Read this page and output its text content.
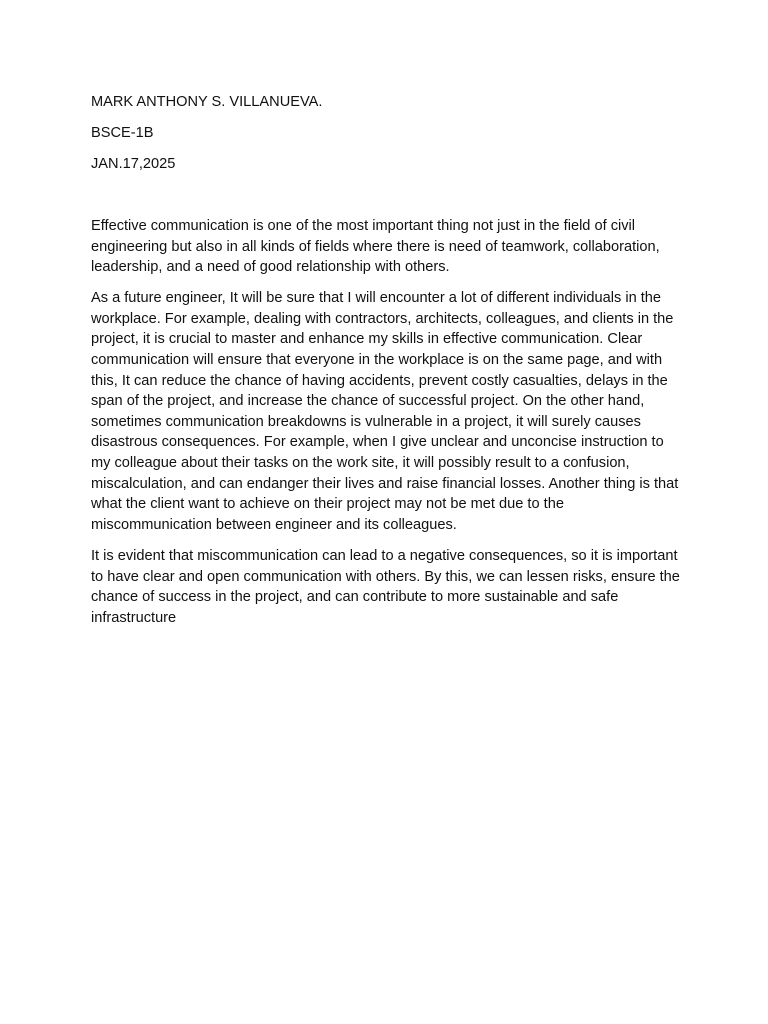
MARK ANTHONY S. VILLANUEVA.
BSCE-1B
JAN.17,2025

Effective communication is one of the most important thing not just in the field of civil engineering but also in all kinds of fields where there is need of teamwork, collaboration, leadership, and a need of good relationship with others.

As a future engineer, It will be sure that I will encounter a lot of different individuals in the workplace. For example, dealing with contractors, architects, colleagues, and clients in the project, it is crucial to master and enhance my skills in effective communication. Clear communication will ensure that everyone in the workplace is on the same page, and with this, It can reduce the chance of having accidents, prevent costly casualties, delays in the span of the project, and increase the chance of successful project. On the other hand, sometimes communication breakdowns is vulnerable in a project, it will surely causes disastrous consequences. For example, when I give unclear and unconcise instruction to my colleague about their tasks on the work site, it will possibly result to a confusion, miscalculation, and can endanger their lives and raise financial losses. Another thing is that what the client want to achieve on their project may not be met due to the miscommunication between engineer and its colleagues.

It is evident that miscommunication can lead to a negative consequences, so it is important to have clear and open communication with others. By this, we can lessen risks, ensure the chance of success in the project, and can contribute to more sustainable and safe infrastructure
